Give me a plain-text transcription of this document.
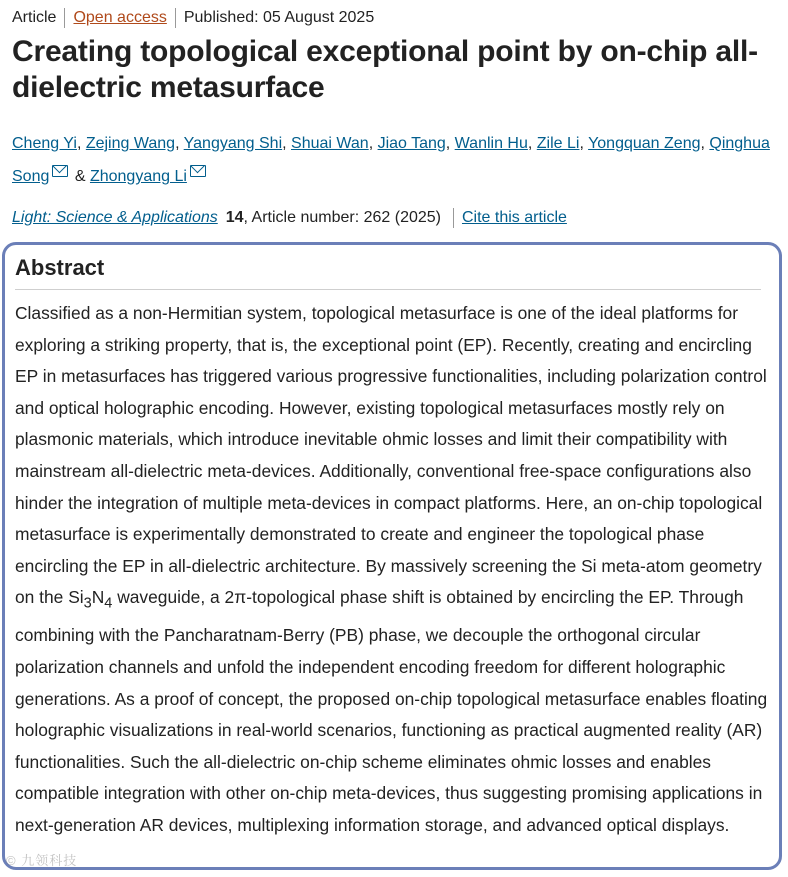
Article Open access Published: 05 August 2025
Creating topological exceptional point by on-chip all-dielectric metasurface
Cheng Yi, Zejing Wang, Yangyang Shi, Shuai Wan, Jiao Tang, Wanlin Hu, Zile Li, Yongquan Zeng, Qinghua Song & Zhongyang Li
Light: Science & Applications 14, Article number: 262 (2025) Cite this article
Abstract

Classified as a non-Hermitian system, topological metasurface is one of the ideal platforms for exploring a striking property, that is, the exceptional point (EP). Recently, creating and encircling EP in metasurfaces has triggered various progressive functionalities, including polarization control and optical holographic encoding. However, existing topological metasurfaces mostly rely on plasmonic materials, which introduce inevitable ohmic losses and limit their compatibility with mainstream all-dielectric meta-devices. Additionally, conventional free-space configurations also hinder the integration of multiple meta-devices in compact platforms. Here, an on-chip topological metasurface is experimentally demonstrated to create and engineer the topological phase encircling the EP in all-dielectric architecture. By massively screening the Si meta-atom geometry on the $Si_3N_4$ waveguide, a 2π-topological phase shift is obtained by encircling the EP. Through combining with the Pancharatnam-Berry (PB) phase, we decouple the orthogonal circular polarization channels and unfold the independent encoding freedom for different holographic generations. As a proof of concept, the proposed on-chip topological metasurface enables floating holographic visualizations in real-world scenarios, functioning as practical augmented reality (AR) functionalities. Such the all-dielectric on-chip scheme eliminates ohmic losses and enables compatible integration with other on-chip meta-devices, thus suggesting promising applications in next-generation AR devices, multiplexing information storage, and advanced optical displays.

© 九领科技
